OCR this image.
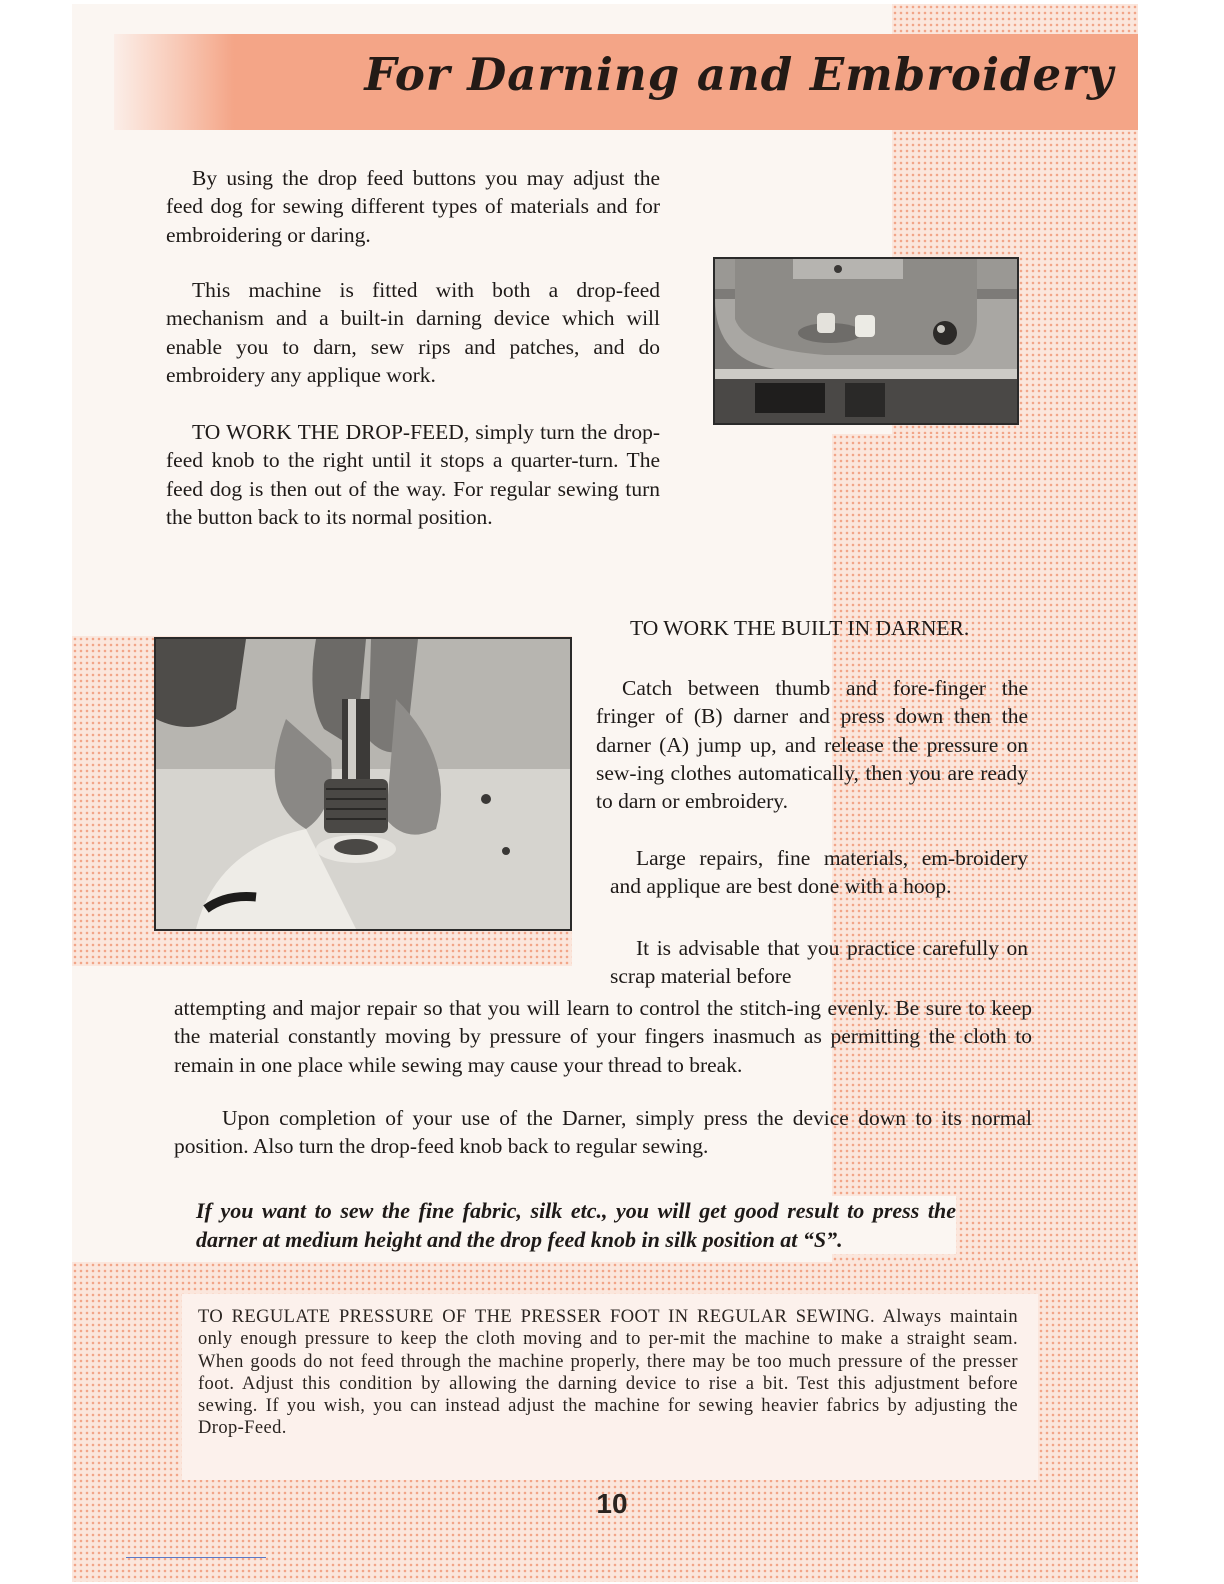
For Darning and Embroidery

By using the drop feed buttons you may adjust the feed dog for sewing different types of materials and for embroidering or daring.

This machine is fitted with both a drop-feed mechanism and a built-in darning device which will enable you to darn, sew rips and patches, and do embroidery any applique work.

TO WORK THE DROP-FEED, simply turn the drop-feed knob to the right until it stops a quarter-turn. The feed dog is then out of the way. For regular sewing turn the button back to its normal position.

TO WORK THE BUILT IN DARNER.

Catch between thumb and fore-finger the fringer of (B) darner and press down then the darner (A) jump up, and release the pressure on sew-ing clothes automatically, then you are ready to darn or embroidery.

Large repairs, fine materials, em-broidery and applique are best done with a hoop.

It is advisable that you practice carefully on scrap material before

attempting and major repair so that you will learn to control the stitch-ing evenly. Be sure to keep the material constantly moving by pressure of your fingers inasmuch as permitting the cloth to remain in one place while sewing may cause your thread to break.

Upon completion of your use of the Darner, simply press the device down to its normal position. Also turn the drop-feed knob back to regular sewing.

If you want to sew the fine fabric, silk etc., you will get good result to press the darner at medium height and the drop feed knob in silk position at “S”.

TO REGULATE PRESSURE OF THE PRESSER FOOT IN REGULAR SEWING. Always maintain only enough pressure to keep the cloth moving and to per-mit the machine to make a straight seam. When goods do not feed through the machine properly, there may be too much pressure of the presser foot. Adjust this condition by allowing the darning device to rise a bit. Test this adjustment before sewing. If you wish, you can instead adjust the machine for sewing heavier fabrics by adjusting the Drop-Feed.

10
